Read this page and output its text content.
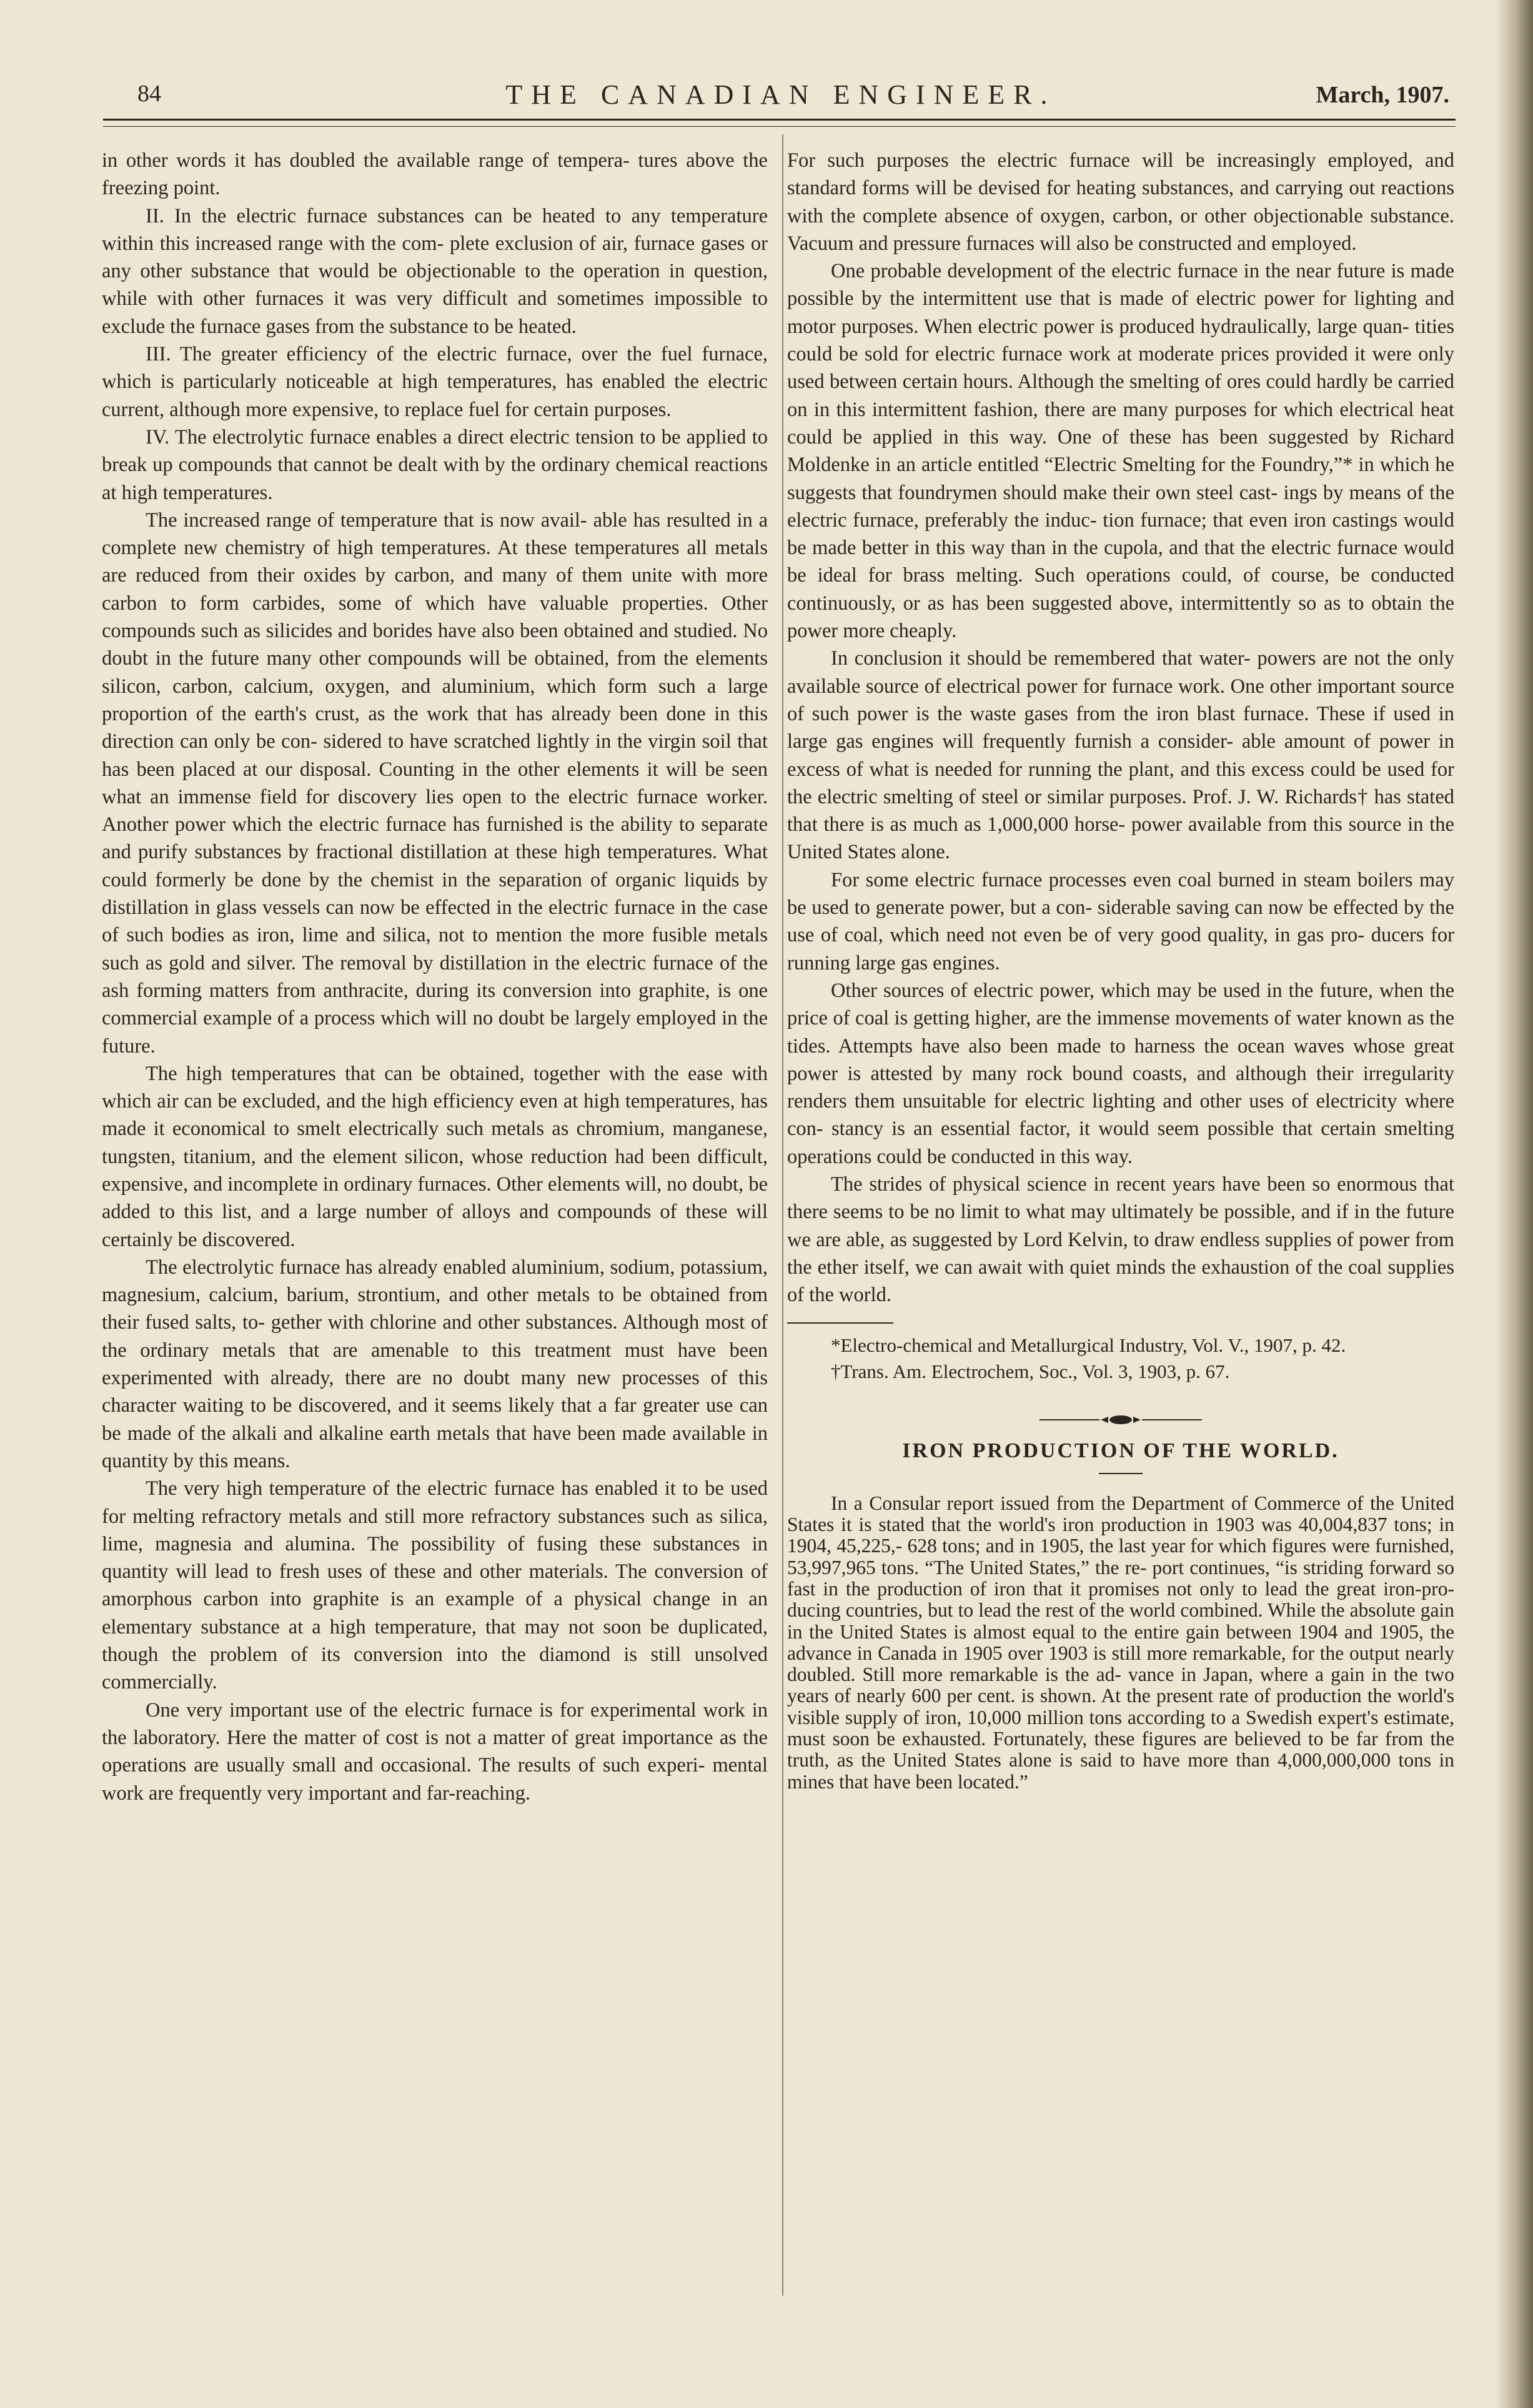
84	THE CANADIAN ENGINEER.	March, 1907.

in other words it has doubled the available range of tempera- tures above the freezing point.

II. In the electric furnace substances can be heated to any temperature within this increased range with the com- plete exclusion of air, furnace gases or any other substance that would be objectionable to the operation in question, while with other furnaces it was very difficult and sometimes impossible to exclude the furnace gases from the substance to be heated.

III. The greater efficiency of the electric furnace, over the fuel furnace, which is particularly noticeable at high temperatures, has enabled the electric current, although more expensive, to replace fuel for certain purposes.

IV. The electrolytic furnace enables a direct electric tension to be applied to break up compounds that cannot be dealt with by the ordinary chemical reactions at high temperatures.

The increased range of temperature that is now avail- able has resulted in a complete new chemistry of high temperatures. At these temperatures all metals are reduced from their oxides by carbon, and many of them unite with more carbon to form carbides, some of which have valuable properties. Other compounds such as silicides and borides have also been obtained and studied. No doubt in the future many other compounds will be obtained, from the elements silicon, carbon, calcium, oxygen, and aluminium, which form such a large proportion of the earth's crust, as the work that has already been done in this direction can only be con- sidered to have scratched lightly in the virgin soil that has been placed at our disposal. Counting in the other elements it will be seen what an immense field for discovery lies open to the electric furnace worker. Another power which the electric furnace has furnished is the ability to separate and purify substances by fractional distillation at these high temperatures. What could formerly be done by the chemist in the separation of organic liquids by distillation in glass vessels can now be effected in the electric furnace in the case of such bodies as iron, lime and silica, not to mention the more fusible metals such as gold and silver. The removal by distillation in the electric furnace of the ash forming matters from anthracite, during its conversion into graphite, is one commercial example of a process which will no doubt be largely employed in the future.

The high temperatures that can be obtained, together with the ease with which air can be excluded, and the high efficiency even at high temperatures, has made it economical to smelt electrically such metals as chromium, manganese, tungsten, titanium, and the element silicon, whose reduction had been difficult, expensive, and incomplete in ordinary furnaces. Other elements will, no doubt, be added to this list, and a large number of alloys and compounds of these will certainly be discovered.

The electrolytic furnace has already enabled aluminium, sodium, potassium, magnesium, calcium, barium, strontium, and other metals to be obtained from their fused salts, to- gether with chlorine and other substances. Although most of the ordinary metals that are amenable to this treatment must have been experimented with already, there are no doubt many new processes of this character waiting to be discovered, and it seems likely that a far greater use can be made of the alkali and alkaline earth metals that have been made available in quantity by this means.

The very high temperature of the electric furnace has enabled it to be used for melting refractory metals and still more refractory substances such as silica, lime, magnesia and alumina. The possibility of fusing these substances in quantity will lead to fresh uses of these and other materials. The conversion of amorphous carbon into graphite is an example of a physical change in an elementary substance at a high temperature, that may not soon be duplicated, though the problem of its conversion into the diamond is still unsolved commercially.

One very important use of the electric furnace is for experimental work in the laboratory. Here the matter of cost is not a matter of great importance as the operations are usually small and occasional. The results of such experi- mental work are frequently very important and far-reaching.

For such purposes the electric furnace will be increasingly employed, and standard forms will be devised for heating substances, and carrying out reactions with the complete absence of oxygen, carbon, or other objectionable substance. Vacuum and pressure furnaces will also be constructed and employed.

One probable development of the electric furnace in the near future is made possible by the intermittent use that is made of electric power for lighting and motor purposes. When electric power is produced hydraulically, large quan- tities could be sold for electric furnace work at moderate prices provided it were only used between certain hours. Although the smelting of ores could hardly be carried on in this intermittent fashion, there are many purposes for which electrical heat could be applied in this way. One of these has been suggested by Richard Moldenke in an article entitled “Electric Smelting for the Foundry,”* in which he suggests that foundrymen should make their own steel cast- ings by means of the electric furnace, preferably the induc- tion furnace; that even iron castings would be made better in this way than in the cupola, and that the electric furnace would be ideal for brass melting. Such operations could, of course, be conducted continuously, or as has been suggested above, intermittently so as to obtain the power more cheaply.

In conclusion it should be remembered that water- powers are not the only available source of electrical power for furnace work. One other important source of such power is the waste gases from the iron blast furnace. These if used in large gas engines will frequently furnish a consider- able amount of power in excess of what is needed for running the plant, and this excess could be used for the electric smelting of steel or similar purposes. Prof. J. W. Richards† has stated that there is as much as 1,000,000 horse- power available from this source in the United States alone.

For some electric furnace processes even coal burned in steam boilers may be used to generate power, but a con- siderable saving can now be effected by the use of coal, which need not even be of very good quality, in gas pro- ducers for running large gas engines.

Other sources of electric power, which may be used in the future, when the price of coal is getting higher, are the immense movements of water known as the tides. Attempts have also been made to harness the ocean waves whose great power is attested by many rock bound coasts, and although their irregularity renders them unsuitable for electric lighting and other uses of electricity where con- stancy is an essential factor, it would seem possible that certain smelting operations could be conducted in this way.

The strides of physical science in recent years have been so enormous that there seems to be no limit to what may ultimately be possible, and if in the future we are able, as suggested by Lord Kelvin, to draw endless supplies of power from the ether itself, we can await with quiet minds the exhaustion of the coal supplies of the world.

*Electro-chemical and Metallurgical Industry, Vol. V., 1907, p. 42.

†Trans. Am. Electrochem, Soc., Vol. 3, 1903, p. 67.

IRON PRODUCTION OF THE WORLD.

In a Consular report issued from the Department of Commerce of the United States it is stated that the world's iron production in 1903 was 40,004,837 tons; in 1904, 45,225,- 628 tons; and in 1905, the last year for which figures were furnished, 53,997,965 tons. “The United States,” the re- port continues, “is striding forward so fast in the production of iron that it promises not only to lead the great iron-pro- ducing countries, but to lead the rest of the world combined. While the absolute gain in the United States is almost equal to the entire gain between 1904 and 1905, the advance in Canada in 1905 over 1903 is still more remarkable, for the output nearly doubled. Still more remarkable is the ad- vance in Japan, where a gain in the two years of nearly 600 per cent. is shown. At the present rate of production the world's visible supply of iron, 10,000 million tons according to a Swedish expert's estimate, must soon be exhausted. Fortunately, these figures are believed to be far from the truth, as the United States alone is said to have more than 4,000,000,000 tons in mines that have been located.”
